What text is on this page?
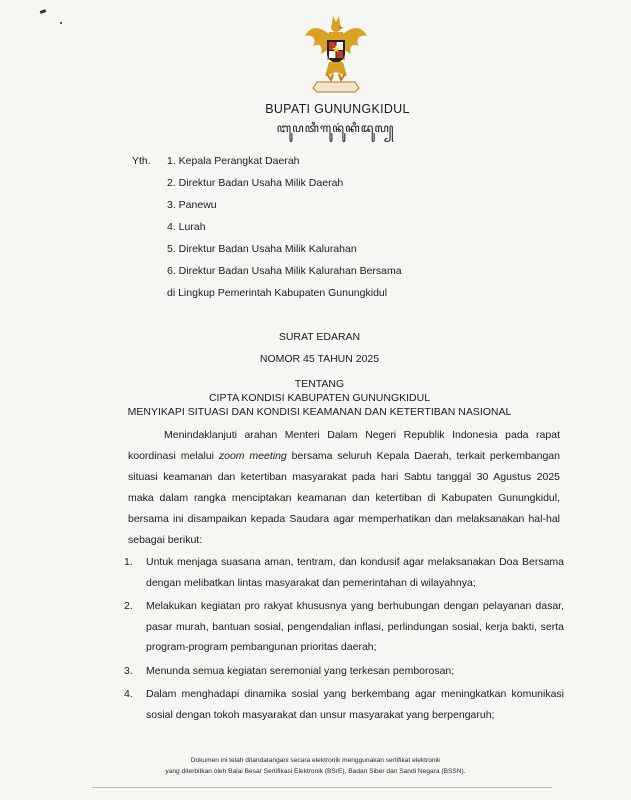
BUPATI GUNUNGKIDUL
ꦧꦸꦥꦠꦶꦒꦸꦤꦸꦁꦏꦶꦢꦸꦭ꧀
Yth. 1. Kepala Perangkat Daerah
2. Direktur Badan Usaha Milik Daerah
3. Panewu
4. Lurah
5. Direktur Badan Usaha Milik Kalurahan
6. Direktur Badan Usaha Milik Kalurahan Bersama
di Lingkup Pemerintah Kabupaten Gunungkidul
SURAT EDARAN
NOMOR 45 TAHUN 2025
TENTANG
CIPTA KONDISI KABUPATEN GUNUNGKIDUL
MENYIKAPI SITUASI DAN KONDISI KEAMANAN DAN KETERTIBAN NASIONAL
Menindaklanjuti arahan Menteri Dalam Negeri Republik Indonesia pada rapat koordinasi melalui zoom meeting bersama seluruh Kepala Daerah, terkait perkembangan situasi keamanan dan ketertiban masyarakat pada hari Sabtu tanggal 30 Agustus 2025 maka dalam rangka menciptakan keamanan dan ketertiban di Kabupaten Gunungkidul, bersama ini disampaikan kepada Saudara agar memperhatikan dan melaksanakan hal-hal sebagai berikut:
1. Untuk menjaga suasana aman, tentram, dan kondusif agar melaksanakan Doa Bersama dengan melibatkan lintas masyarakat dan pemerintahan di wilayahnya;
2. Melakukan kegiatan pro rakyat khususnya yang berhubungan dengan pelayanan dasar, pasar murah, bantuan sosial, pengendalian inflasi, perlindungan sosial, kerja bakti, serta program-program pembangunan prioritas daerah;
3. Menunda semua kegiatan seremonial yang terkesan pemborosan;
4. Dalam menghadapi dinamika sosial yang berkembang agar meningkatkan komunikasi sosial dengan tokoh masyarakat dan unsur masyarakat yang berpengaruh;
Dokumen ini telah ditandatangani secara elektronik menggunakan sertifikat elektronik
yang diterbitkan oleh Balai Besar Sertifikasi Elektronik (BSrE), Badan Siber dan Sandi Negara (BSSN).
